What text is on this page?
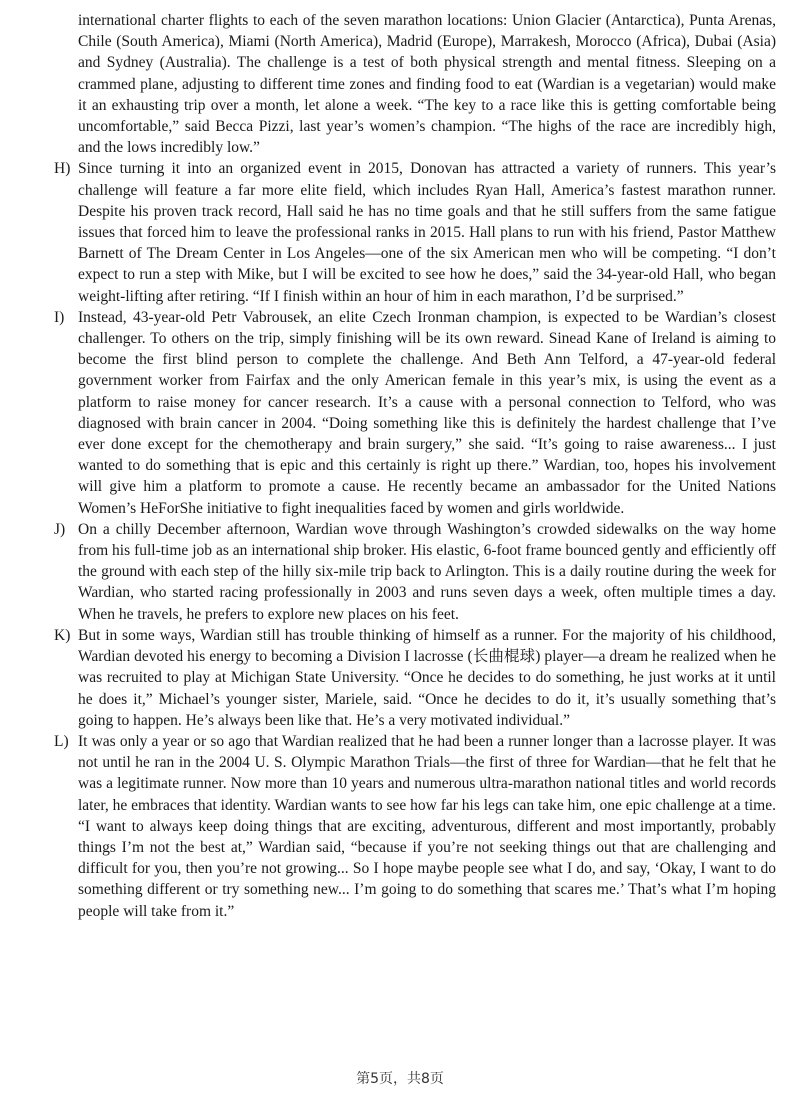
international charter flights to each of the seven marathon locations: Union Glacier (Antarctica), Punta Arenas, Chile (South America), Miami (North America), Madrid (Europe), Marrakesh, Morocco (Africa), Dubai (Asia) and Sydney (Australia). The challenge is a test of both physical strength and mental fitness. Sleeping on a crammed plane, adjusting to different time zones and finding food to eat (Wardian is a vegetarian) would make it an exhausting trip over a month, let alone a week. “The key to a race like this is getting comfortable being uncomfortable,” said Becca Pizzi, last year’s women’s champion. “The highs of the race are incredibly high, and the lows incredibly low.”
H) Since turning it into an organized event in 2015, Donovan has attracted a variety of runners. This year’s challenge will feature a far more elite field, which includes Ryan Hall, America’s fastest marathon runner. Despite his proven track record, Hall said he has no time goals and that he still suffers from the same fatigue issues that forced him to leave the professional ranks in 2015. Hall plans to run with his friend, Pastor Matthew Barnett of The Dream Center in Los Angeles—one of the six American men who will be competing. “I don’t expect to run a step with Mike, but I will be excited to see how he does,” said the 34-year-old Hall, who began weight-lifting after retiring. “If I finish within an hour of him in each marathon, I’d be surprised.”
I) Instead, 43-year-old Petr Vabrousek, an elite Czech Ironman champion, is expected to be Wardian’s closest challenger. To others on the trip, simply finishing will be its own reward. Sinead Kane of Ireland is aiming to become the first blind person to complete the challenge. And Beth Ann Telford, a 47-year-old federal government worker from Fairfax and the only American female in this year’s mix, is using the event as a platform to raise money for cancer research. It’s a cause with a personal connection to Telford, who was diagnosed with brain cancer in 2004. “Doing something like this is definitely the hardest challenge that I’ve ever done except for the chemotherapy and brain surgery,” she said. “It’s going to raise awareness... I just wanted to do something that is epic and this certainly is right up there.” Wardian, too, hopes his involvement will give him a platform to promote a cause. He recently became an ambassador for the United Nations Women’s HeForShe initiative to fight inequalities faced by women and girls worldwide.
J) On a chilly December afternoon, Wardian wove through Washington’s crowded sidewalks on the way home from his full-time job as an international ship broker. His elastic, 6-foot frame bounced gently and efficiently off the ground with each step of the hilly six-mile trip back to Arlington. This is a daily routine during the week for Wardian, who started racing professionally in 2003 and runs seven days a week, often multiple times a day. When he travels, he prefers to explore new places on his feet.
K) But in some ways, Wardian still has trouble thinking of himself as a runner. For the majority of his childhood, Wardian devoted his energy to becoming a Division I lacrosse (长曲棍球) player—a dream he realized when he was recruited to play at Michigan State University. “Once he decides to do something, he just works at it until he does it,” Michael’s younger sister, Mariele, said. “Once he decides to do it, it’s usually something that’s going to happen. He’s always been like that. He’s a very motivated individual.”
L) It was only a year or so ago that Wardian realized that he had been a runner longer than a lacrosse player. It was not until he ran in the 2004 U. S. Olympic Marathon Trials—the first of three for Wardian—that he felt that he was a legitimate runner. Now more than 10 years and numerous ultra-marathon national titles and world records later, he embraces that identity. Wardian wants to see how far his legs can take him, one epic challenge at a time. “I want to always keep doing things that are exciting, adventurous, different and most importantly, probably things I’m not the best at,” Wardian said, “because if you’re not seeking things out that are challenging and difficult for you, then you’re not growing... So I hope maybe people see what I do, and say, ‘Okay, I want to do something different or try something new... I’m going to do something that scares me.’ That’s what I’m hoping people will take from it.”
第5页，共8页
